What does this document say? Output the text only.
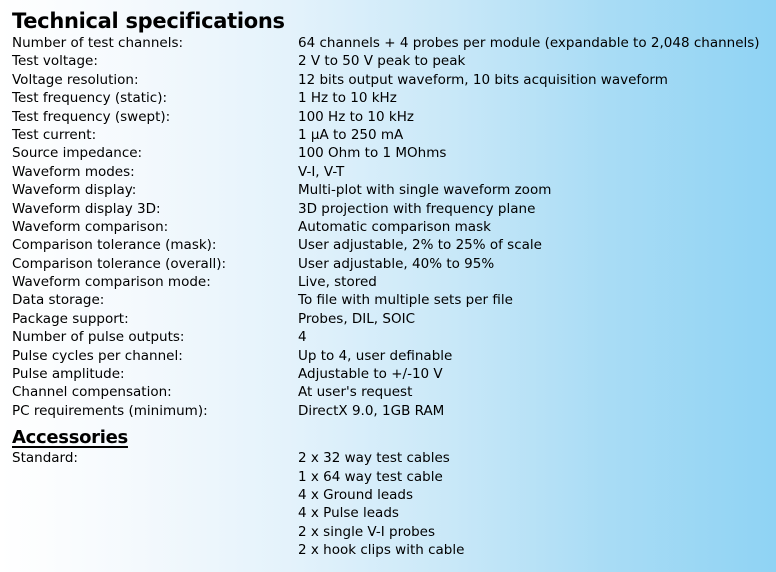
Technical specifications
Number of test channels:	64 channels + 4 probes per module (expandable to 2,048 channels)
Test voltage:	2 V to 50 V peak to peak
Voltage resolution:	12 bits output waveform, 10 bits acquisition waveform
Test frequency (static):	1 Hz to 10 kHz
Test frequency (swept):	100 Hz to 10 kHz
Test current:	1 µA to 250 mA
Source impedance:	100 Ohm to 1 MOhms
Waveform modes:	V-I, V-T
Waveform display:	Multi-plot with single waveform zoom
Waveform display 3D:	3D projection with frequency plane
Waveform comparison:	Automatic comparison mask
Comparison tolerance (mask):	User adjustable, 2% to 25% of scale
Comparison tolerance (overall):	User adjustable, 40% to 95%
Waveform comparison mode:	Live, stored
Data storage:	To file with multiple sets per file
Package support:	Probes, DIL, SOIC
Number of pulse outputs:	4
Pulse cycles per channel:	Up to 4, user definable
Pulse amplitude:	Adjustable to +/-10 V
Channel compensation:	At user's request
PC requirements (minimum):	DirectX 9.0, 1GB RAM
Accessories
Standard:	2 x 32 way test cables
1 x 64 way test cable
4 x Ground leads
4 x Pulse leads
2 x single V-I probes
2 x hook clips with cable
